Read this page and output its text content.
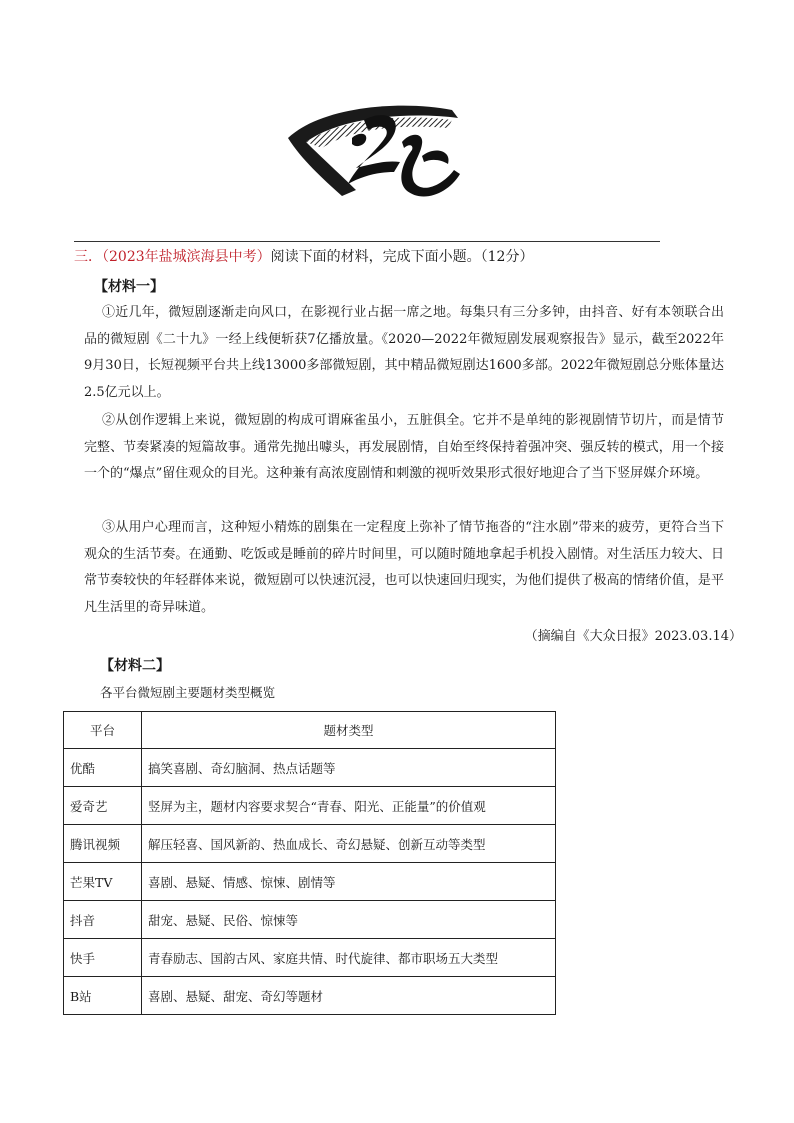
三．（2023年盐城滨海县中考）阅读下面的材料，完成下面小题。（12分）
【材料一】
①近几年，微短剧逐渐走向风口，在影视行业占据一席之地。每集只有三分多钟，由抖音、好有本领联合出品的微短剧《二十九》一经上线便斩获7亿播放量。《2020—2022年微短剧发展观察报告》显示，截至2022年9月30日，长短视频平台共上线13000多部微短剧，其中精品微短剧达1600多部。2022年微短剧总分账体量达2.5亿元以上。
②从创作逻辑上来说，微短剧的构成可谓麻雀虽小，五脏俱全。它并不是单纯的影视剧情节切片，而是情节完整、节奏紧凑的短篇故事。通常先抛出噱头，再发展剧情，自始至终保持着强冲突、强反转的模式，用一个接一个的“爆点”留住观众的目光。这种兼有高浓度剧情和刺激的视听效果形式很好地迎合了当下竖屏媒介环境。
③从用户心理而言，这种短小精炼的剧集在一定程度上弥补了情节拖沓的“注水剧”带来的疲劳，更符合当下观众的生活节奏。在通勤、吃饭或是睡前的碎片时间里，可以随时随地拿起手机投入剧情。对生活压力较大、日常节奏较快的年轻群体来说，微短剧可以快速沉浸，也可以快速回归现实，为他们提供了极高的情绪价值，是平凡生活里的奇异味道。
（摘编自《大众日报》2023.03.14）
【材料二】
各平台微短剧主要题材类型概览
平台	题材类型
优酷	搞笑喜剧、奇幻脑洞、热点话题等
爱奇艺	竖屏为主，题材内容要求契合“青春、阳光、正能量”的价值观
腾讯视频	解压轻喜、国风新韵、热血成长、奇幻悬疑、创新互动等类型
芒果TV	喜剧、悬疑、情感、惊悚、剧情等
抖音	甜宠、悬疑、民俗、惊悚等
快手	青春励志、国韵古风、家庭共情、时代旋律、都市职场五大类型
B站	喜剧、悬疑、甜宠、奇幻等题材
